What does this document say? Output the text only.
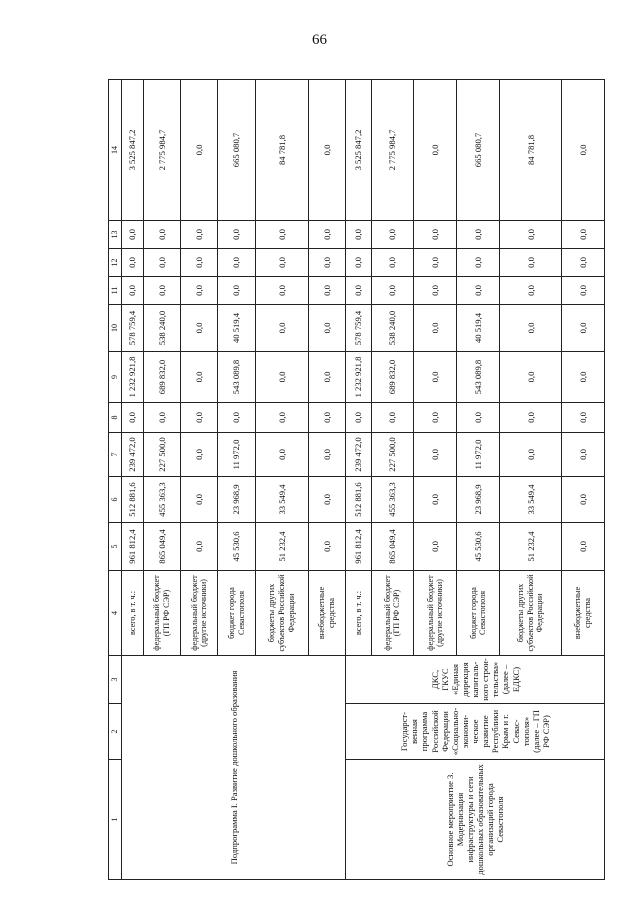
66
1	2	3	4	5	6	7	8	9	10	11	12	13	14
Подпрограмма I. Развитие дошкольного образования			всего, в т. ч.:	961 812,4	512 881,6	239 472,0	0,0	1 232 921,8	578 759,4	0,0	0,0	0,0	3 525 847,2
			федеральный бюджет (ГП РФ СЭР)	865 049,4	455 363,3	227 500,0	0,0	689 832,0	538 240,0	0,0	0,0	0,0	2 775 984,7
			федеральный бюджет (другие источники)	0,0	0,0	0,0	0,0	0,0	0,0	0,0	0,0	0,0	0,0
			бюджет города Севастополя	45 530,6	23 968,9	11 972,0	0,0	543 089,8	40 519,4	0,0	0,0	0,0	665 080,7
			бюджеты других субъектов Российской Федерации	51 232,4	33 549,4	0,0	0,0	0,0	0,0	0,0	0,0	0,0	84 781,8
			внебюджетные средства	0,0	0,0	0,0	0,0	0,0	0,0	0,0	0,0	0,0	0,0
Основное мероприятие 3. Модернизация инфраструктуры и сети дошкольных образовательных организаций города Севастополя	Государст-венная программа Российской Федерации «Социально-экономи-ческое развитие Республики Крым и г. Севас-тополя» (далее – ГП РФ СЭР)	ДКС, ГКУС «Единая дирекция капиталь-ного строи-тельства» (далее – ЕДКС)	всего, в т. ч.:	961 812,4	512 881,6	239 472,0	0,0	1 232 921,8	578 759,4	0,0	0,0	0,0	3 525 847,2
			федеральный бюджет (ГП РФ СЭР)	865 049,4	455 363,3	227 500,0	0,0	689 832,0	538 240,0	0,0	0,0	0,0	2 775 984,7
			федеральный бюджет (другие источники)	0,0	0,0	0,0	0,0	0,0	0,0	0,0	0,0	0,0	0,0
			бюджет города Севастополя	45 530,6	23 968,9	11 972,0	0,0	543 089,8	40 519,4	0,0	0,0	0,0	665 080,7
			бюджеты других субъектов Российской Федерации	51 232,4	33 549,4	0,0	0,0	0,0	0,0	0,0	0,0	0,0	84 781,8
			внебюджетные средства	0,0	0,0	0,0	0,0	0,0	0,0	0,0	0,0	0,0	0,0
